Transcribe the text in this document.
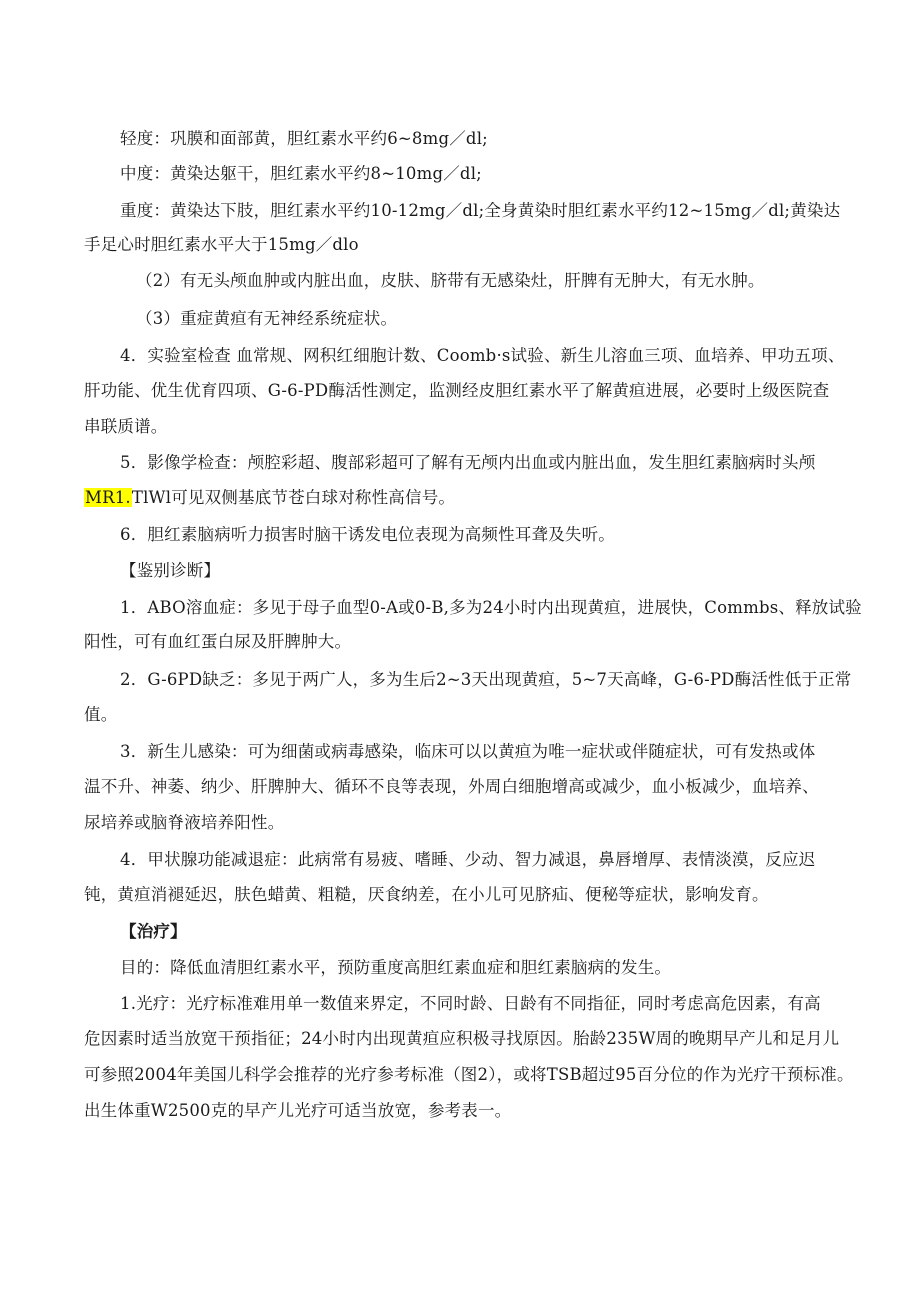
轻度：巩膜和面部黄，胆红素水平约6~8mg／dl;
中度：黄染达躯干，胆红素水平约8~10mg／dl;
重度：黄染达下肢，胆红素水平约10-12mg／dl;全身黄染时胆红素水平约12~15mg／dl;黄染达
手足心时胆红素水平大于15mg／dlo
（2）有无头颅血肿或内脏出血，皮肤、脐带有无感染灶，肝脾有无肿大，有无水肿。
（3）重症黄疸有无神经系统症状。
4．实验室检查 血常规、网积红细胞计数、Coomb·s试验、新生儿溶血三项、血培养、甲功五项、
肝功能、优生优育四项、G-6-PD酶活性测定，监测经皮胆红素水平了解黄疸进展，必要时上级医院查
串联质谱。
5．影像学检查：颅腔彩超、腹部彩超可了解有无颅内出血或内脏出血，发生胆红素脑病时头颅
MR1.TlWl可见双侧基底节苍白球对称性高信号。
6．胆红素脑病听力损害时脑干诱发电位表现为高频性耳聋及失听。
【鉴别诊断】
1．ABO溶血症：多见于母子血型0-A或0-B,多为24小时内出现黄疸，进展快，Commbs、释放试验
阳性，可有血红蛋白尿及肝脾肿大。
2．G-6PD缺乏：多见于两广人，多为生后2~3天出现黄疸，5~7天高峰，G-6-PD酶活性低于正常
值。
3．新生儿感染：可为细菌或病毒感染，临床可以以黄疸为唯一症状或伴随症状，可有发热或体
温不升、神萎、纳少、肝脾肿大、循环不良等表现，外周白细胞增高或减少，血小板减少，血培养、
尿培养或脑脊液培养阳性。
4．甲状腺功能减退症：此病常有易疲、嗜睡、少动、智力减退，鼻唇增厚、表情淡漠，反应迟
钝，黄疸消褪延迟，肤色蜡黄、粗糙，厌食纳差，在小儿可见脐疝、便秘等症状，影响发育。
【治疗】
目的：降低血清胆红素水平，预防重度高胆红素血症和胆红素脑病的发生。
1.光疗：光疗标准难用单一数值来界定，不同时龄、日龄有不同指征，同时考虑高危因素，有高
危因素时适当放宽干预指征；24小时内出现黄疸应积极寻找原因。胎龄235W周的晚期早产儿和足月儿
可参照2004年美国儿科学会推荐的光疗参考标准（图2），或将TSB超过95百分位的作为光疗干预标准。
出生体重W2500克的早产儿光疗可适当放宽，参考表一。
